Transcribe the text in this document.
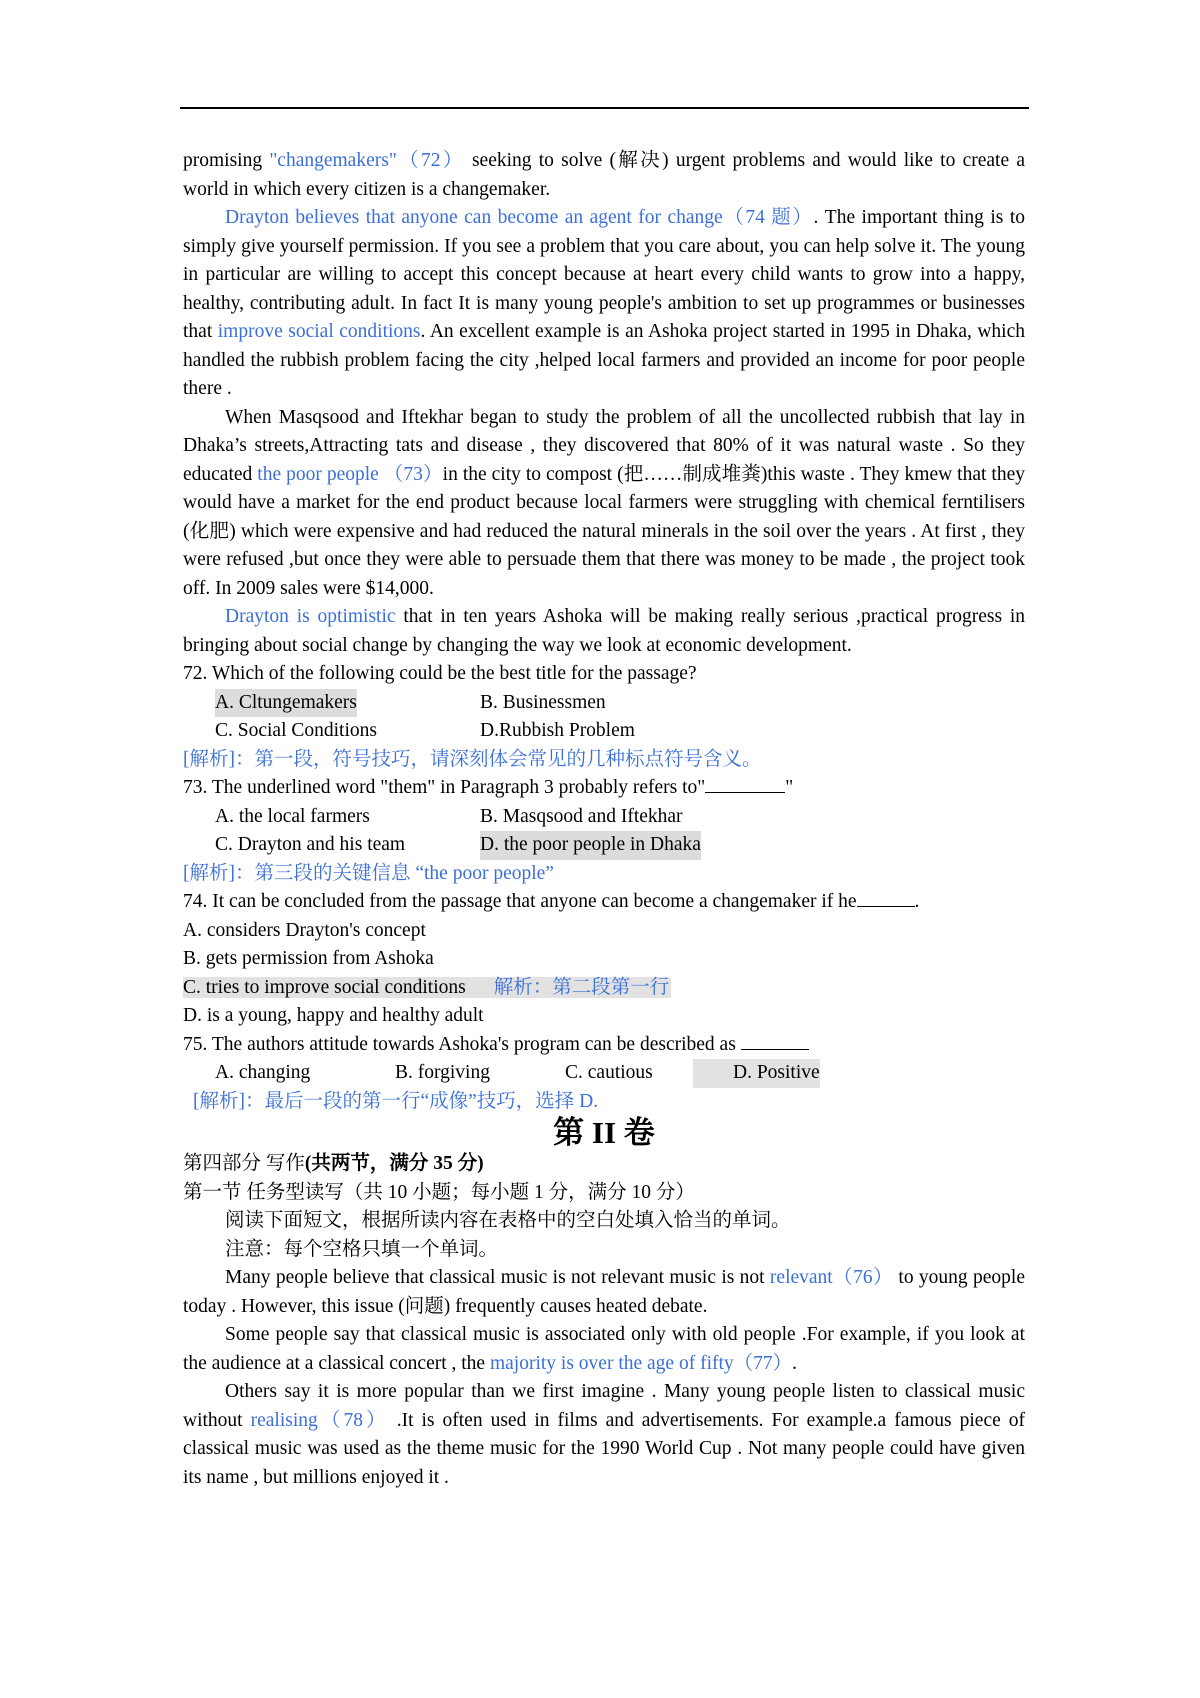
promising "changemakers"（72） seeking to solve (解决) urgent problems and would like to create a world in which every citizen is a changemaker.

Drayton believes that anyone can become an agent for change（74 题）. The important thing is to simply give yourself permission. If you see a problem that you care about, you can help solve it. The young in particular are willing to accept this concept because at heart every child wants to grow into a happy, healthy, contributing adult. In fact It is many young people's ambition to set up programmes or businesses that improve social conditions. An excellent example is an Ashoka project started in 1995 in Dhaka, which handled the rubbish problem facing the city ,helped local farmers and provided an income for poor people there .

When Masqsood and Iftekhar began to study the problem of all the uncollected rubbish that lay in Dhaka’s streets,Attracting tats and disease , they discovered that 80% of it was natural waste . So they educated the poor people （73）in the city to compost (把……制成堆粪)this waste . They kmew that they would have a market for the end product because local farmers were struggling with chemical ferntilisers (化肥) which were expensive and had reduced the natural minerals in the soil over the years . At first , they were refused ,but once they were able to persuade them that there was money to be made , the project took off. In 2009 sales were $14,000.

Drayton is optimistic that in ten years Ashoka will be making really serious ,practical progress in bringing about social change by changing the way we look at economic development.

72. Which of the following could be the best title for the passage?

A. Cltungemakers	B. Businessmen
C. Social Conditions	D.Rubbish Problem

[解析]：第一段，符号技巧，请深刻体会常见的几种标点符号含义。

73. The underlined word "them" in Paragraph 3 probably refers to"	"

A. the local farmers	B. Masqsood and Iftekhar
C. Drayton and his team	D. the poor people in Dhaka

[解析]：第三段的关键信息 “the poor people”

74. It can be concluded from the passage that anyone can become a changemaker if he	.

A. considers Drayton's concept

B. gets permission from Ashoka

C. tries to improve social conditions 解析：第二段第一行

D. is a young, happy and healthy adult

75. The authors attitude towards Ashoka's program can be described as

A. changing	B. forgiving	C. cautious	D. Positive

[解析]：最后一段的第一行“成像”技巧，选择 D.

第 II 卷

第四部分 写作(共两节，满分 35 分)

第一节 任务型读写（共 10 小题；每小题 1 分，满分 10 分）

阅读下面短文，根据所读内容在表格中的空白处填入恰当的单词。

注意：每个空格只填一个单词。

Many people believe that classical music is not relevant music is not relevant（76） to young people today . However, this issue (问题) frequently causes heated debate.

Some people say that classical music is associated only with old people .For example, if you look at the audience at a classical concert , the majority is over the age of fifty（77）.

Others say it is more popular than we first imagine . Many young people listen to classical music without realising（78） .It is often used in films and advertisements. For example.a famous piece of classical music was used as the theme music for the 1990 World Cup . Not many people could have given its name , but millions enjoyed it .
